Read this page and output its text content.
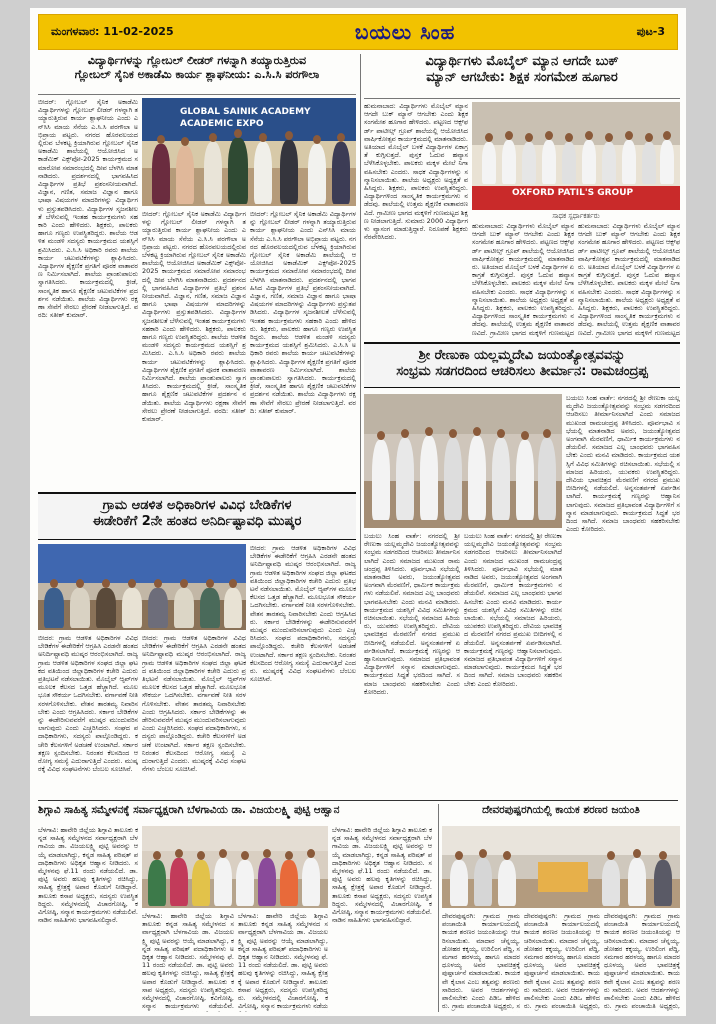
ಮಂಗಳವಾರ: 11-02-2025	ಬಯಲು ಸಿಂಹ	ಪುಟ-3
ವಿದ್ಯಾರ್ಥಿಗಳನ್ನು ಗ್ಲೋಬಲ್ ಲೀಡರ್ ಗಳನ್ನಾಗಿ ತಯ್ಯಾರುತ್ತಿರುವ
ಗ್ಲೋಬಲ್ ಸೈನಿಕ ಅಕಾಡೆಮಿ ಕಾರ್ಯ ಶ್ಲಾಘನೀಯ: ಎ.ಸಿ.ಸಿ ಪರಗೌಲಾ
GLOBAL SAINIK ACADEMY ACADEMIC EXPO
ಬೀದರ್: ಗ್ಲೋಬಲ್ ಸೈನಿಕ ಅಕಾಡೆಮಿ ವಿದ್ಯಾರ್ಥಿಗಳನ್ನು ಗ್ಲೋಬಲ್ ಲೀಡರ್ ಗಳನ್ನಾಗಿ ತಯ್ಯಾರುತ್ತಿರುವ ಕಾರ್ಯ ಶ್ಲಾಘನೀಯ ಎಂದು ಎನ್‌ಸಿಸಿ ಮಾಯ ಸೆನೆಯ ಎ.ಸಿ.ಸಿ ಪರಗೌಲಾ ಅಭಿಪ್ರಾಯ ಪಟ್ಟರು. ನಗರದ ಹೊರವಲಯದಲ್ಲಿರುವ ಬೆಳಕಟ್ಟ ಕ್ರಿಯಾಗಿರುವ ಗ್ಲೋಬಲ್ ಸೈನಿಕ ಅಕಾಡೆಮಿ ಶಾಲೆಯಲ್ಲಿ ಆಯೋಜಿಸಿದ ಅಕಾಡೆಮಿಕ್ ಎಕ್ಸ್‌ಪೋ-2025 ಕಾರ್ಯಕ್ರಮದ ಸಮಾರೋಪ ಸಮಾರಂಭದಲ್ಲಿ ದೀಪ ಬೆಳಗಿಸಿ ಮಾತನಾಡಿದರು. ಪ್ರದರ್ಶನದಲ್ಲಿ ಭಾಗವಹಿಸಿದ ವಿದ್ಯಾರ್ಥಿಗಳ ಪ್ರತಿಭೆ ಪ್ರಶಂಸನೀಯವಾಗಿದೆ. ವಿಜ್ಞಾನ, ಗಣಿತ, ಸಮಾಜ ವಿಜ್ಞಾನ ಹಾಗೂ ಭಾಷಾ ವಿಷಯಗಳ ಮಾದರಿಗಳನ್ನು ವಿದ್ಯಾರ್ಥಿಗಳು ಪ್ರಸ್ತುತಪಡಿಸಿದರು. ವಿದ್ಯಾರ್ಥಿಗಳ ಸೃಜನಶೀಲತೆ ಬೆಳೆಸುವಲ್ಲಿ ಇಂತಹ ಕಾರ್ಯಕ್ರಮಗಳು ಸಹಕಾರಿ ಎಂದು ಹೇಳಿದರು. ಶಿಕ್ಷಕರು, ಪಾಲಕರು ಹಾಗೂ ಗಣ್ಯರು ಉಪಸ್ಥಿತರಿದ್ದರು. ಶಾಲೆಯ ಆಡಳಿತ ಮಂಡಳಿ ಸದಸ್ಯರು ಕಾರ್ಯಕ್ರಮದ ಯಶಸ್ಸಿಗೆ ಶ್ರಮಿಸಿದರು. ಎ.ಸಿ.ಸಿ ಅಧಿಕಾರಿ ರವರು ಶಾಲೆಯ ಕಾರ್ಯ ಚಟುವಟಿಕೆಗಳನ್ನು ಶ್ಲಾಘಿಸಿದರು. ವಿದ್ಯಾರ್ಥಿಗಳ ಶೈಕ್ಷಣಿಕ ಪ್ರಗತಿಗೆ ಪೂರಕ ವಾತಾವರಣ ನಿರ್ಮಿಸಲಾಗಿದೆ. ಶಾಲೆಯ ಪ್ರಾಂಶುಪಾಲರು ಸ್ವಾಗತಿಸಿದರು. ಕಾರ್ಯಕ್ರಮದಲ್ಲಿ ಕ್ರೀಡೆ, ಸಾಂಸ್ಕೃತಿಕ ಹಾಗೂ ಶೈಕ್ಷಣಿಕ ಚಟುವಟಿಕೆಗಳ ಪ್ರದರ್ಶನ ನಡೆಯಿತು. ಶಾಲೆಯ ವಿದ್ಯಾರ್ಥಿಗಳು ರಕ್ಷಣಾ ಸೇವೆಗೆ ಸೇರಲು ಪ್ರೇರಣೆ ನೀಡಲಾಗುತ್ತಿದೆ. ವರದಿ: ಸತೀಶ್ ಕುಮಾರ್.
ಬೀದರ್: ಗ್ಲೋಬಲ್ ಸೈನಿಕ ಅಕಾಡೆಮಿ ವಿದ್ಯಾರ್ಥಿಗಳನ್ನು ಗ್ಲೋಬಲ್ ಲೀಡರ್ ಗಳನ್ನಾಗಿ ತಯ್ಯಾರುತ್ತಿರುವ ಕಾರ್ಯ ಶ್ಲಾಘನೀಯ ಎಂದು ಎನ್‌ಸಿಸಿ ಮಾಯ ಸೆನೆಯ ಎ.ಸಿ.ಸಿ ಪರಗೌಲಾ ಅಭಿಪ್ರಾಯ ಪಟ್ಟರು. ನಗರದ ಹೊರವಲಯದಲ್ಲಿರುವ ಬೆಳಕಟ್ಟ ಕ್ರಿಯಾಗಿರುವ ಗ್ಲೋಬಲ್ ಸೈನಿಕ ಅಕಾಡೆಮಿ ಶಾಲೆಯಲ್ಲಿ ಆಯೋಜಿಸಿದ ಅಕಾಡೆಮಿಕ್ ಎಕ್ಸ್‌ಪೋ-2025 ಕಾರ್ಯಕ್ರಮದ ಸಮಾರೋಪ ಸಮಾರಂಭದಲ್ಲಿ ದೀಪ ಬೆಳಗಿಸಿ ಮಾತನಾಡಿದರು. ಪ್ರದರ್ಶನದಲ್ಲಿ ಭಾಗವಹಿಸಿದ ವಿದ್ಯಾರ್ಥಿಗಳ ಪ್ರತಿಭೆ ಪ್ರಶಂಸನೀಯವಾಗಿದೆ. ವಿಜ್ಞಾನ, ಗಣಿತ, ಸಮಾಜ ವಿಜ್ಞಾನ ಹಾಗೂ ಭಾಷಾ ವಿಷಯಗಳ ಮಾದರಿಗಳನ್ನು ವಿದ್ಯಾರ್ಥಿಗಳು ಪ್ರಸ್ತುತಪಡಿಸಿದರು. ವಿದ್ಯಾರ್ಥಿಗಳ ಸೃಜನಶೀಲತೆ ಬೆಳೆಸುವಲ್ಲಿ ಇಂತಹ ಕಾರ್ಯಕ್ರಮಗಳು ಸಹಕಾರಿ ಎಂದು ಹೇಳಿದರು. ಶಿಕ್ಷಕರು, ಪಾಲಕರು ಹಾಗೂ ಗಣ್ಯರು ಉಪಸ್ಥಿತರಿದ್ದರು. ಶಾಲೆಯ ಆಡಳಿತ ಮಂಡಳಿ ಸದಸ್ಯರು ಕಾರ್ಯಕ್ರಮದ ಯಶಸ್ಸಿಗೆ ಶ್ರಮಿಸಿದರು. ಎ.ಸಿ.ಸಿ ಅಧಿಕಾರಿ ರವರು ಶಾಲೆಯ ಕಾರ್ಯ ಚಟುವಟಿಕೆಗಳನ್ನು ಶ್ಲಾಘಿಸಿದರು. ವಿದ್ಯಾರ್ಥಿಗಳ ಶೈಕ್ಷಣಿಕ ಪ್ರಗತಿಗೆ ಪೂರಕ ವಾತಾವರಣ ನಿರ್ಮಿಸಲಾಗಿದೆ. ಶಾಲೆಯ ಪ್ರಾಂಶುಪಾಲರು ಸ್ವಾಗತಿಸಿದರು. ಕಾರ್ಯಕ್ರಮದಲ್ಲಿ ಕ್ರೀಡೆ, ಸಾಂಸ್ಕೃತಿಕ ಹಾಗೂ ಶೈಕ್ಷಣಿಕ ಚಟುವಟಿಕೆಗಳ ಪ್ರದರ್ಶನ ನಡೆಯಿತು. ಶಾಲೆಯ ವಿದ್ಯಾರ್ಥಿಗಳು ರಕ್ಷಣಾ ಸೇವೆಗೆ ಸೇರಲು ಪ್ರೇರಣೆ ನೀಡಲಾಗುತ್ತಿದೆ. ವರದಿ: ಸತೀಶ್ ಕುಮಾರ್.
ಬೀದರ್: ಗ್ಲೋಬಲ್ ಸೈನಿಕ ಅಕಾಡೆಮಿ ವಿದ್ಯಾರ್ಥಿಗಳನ್ನು ಗ್ಲೋಬಲ್ ಲೀಡರ್ ಗಳನ್ನಾಗಿ ತಯ್ಯಾರುತ್ತಿರುವ ಕಾರ್ಯ ಶ್ಲಾಘನೀಯ ಎಂದು ಎನ್‌ಸಿಸಿ ಮಾಯ ಸೆನೆಯ ಎ.ಸಿ.ಸಿ ಪರಗೌಲಾ ಅಭಿಪ್ರಾಯ ಪಟ್ಟರು. ನಗರದ ಹೊರವಲಯದಲ್ಲಿರುವ ಬೆಳಕಟ್ಟ ಕ್ರಿಯಾಗಿರುವ ಗ್ಲೋಬಲ್ ಸೈನಿಕ ಅಕಾಡೆಮಿ ಶಾಲೆಯಲ್ಲಿ ಆಯೋಜಿಸಿದ ಅಕಾಡೆಮಿಕ್ ಎಕ್ಸ್‌ಪೋ-2025 ಕಾರ್ಯಕ್ರಮದ ಸಮಾರೋಪ ಸಮಾರಂಭದಲ್ಲಿ ದೀಪ ಬೆಳಗಿಸಿ ಮಾತನಾಡಿದರು. ಪ್ರದರ್ಶನದಲ್ಲಿ ಭಾಗವಹಿಸಿದ ವಿದ್ಯಾರ್ಥಿಗಳ ಪ್ರತಿಭೆ ಪ್ರಶಂಸನೀಯವಾಗಿದೆ. ವಿಜ್ಞಾನ, ಗಣಿತ, ಸಮಾಜ ವಿಜ್ಞಾನ ಹಾಗೂ ಭಾಷಾ ವಿಷಯಗಳ ಮಾದರಿಗಳನ್ನು ವಿದ್ಯಾರ್ಥಿಗಳು ಪ್ರಸ್ತುತಪಡಿಸಿದರು. ವಿದ್ಯಾರ್ಥಿಗಳ ಸೃಜನಶೀಲತೆ ಬೆಳೆಸುವಲ್ಲಿ ಇಂತಹ ಕಾರ್ಯಕ್ರಮಗಳು ಸಹಕಾರಿ ಎಂದು ಹೇಳಿದರು. ಶಿಕ್ಷಕರು, ಪಾಲಕರು ಹಾಗೂ ಗಣ್ಯರು ಉಪಸ್ಥಿತರಿದ್ದರು. ಶಾಲೆಯ ಆಡಳಿತ ಮಂಡಳಿ ಸದಸ್ಯರು ಕಾರ್ಯಕ್ರಮದ ಯಶಸ್ಸಿಗೆ ಶ್ರಮಿಸಿದರು. ಎ.ಸಿ.ಸಿ ಅಧಿಕಾರಿ ರವರು ಶಾಲೆಯ ಕಾರ್ಯ ಚಟುವಟಿಕೆಗಳನ್ನು ಶ್ಲಾಘಿಸಿದರು. ವಿದ್ಯಾರ್ಥಿಗಳ ಶೈಕ್ಷಣಿಕ ಪ್ರಗತಿಗೆ ಪೂರಕ ವಾತಾವರಣ ನಿರ್ಮಿಸಲಾಗಿದೆ. ಶಾಲೆಯ ಪ್ರಾಂಶುಪಾಲರು ಸ್ವಾಗತಿಸಿದರು. ಕಾರ್ಯಕ್ರಮದಲ್ಲಿ ಕ್ರೀಡೆ, ಸಾಂಸ್ಕೃತಿಕ ಹಾಗೂ ಶೈಕ್ಷಣಿಕ ಚಟುವಟಿಕೆಗಳ ಪ್ರದರ್ಶನ ನಡೆಯಿತು. ಶಾಲೆಯ ವಿದ್ಯಾರ್ಥಿಗಳು ರಕ್ಷಣಾ ಸೇವೆಗೆ ಸೇರಲು ಪ್ರೇರಣೆ ನೀಡಲಾಗುತ್ತಿದೆ. ವರದಿ: ಸತೀಶ್ ಕುಮಾರ್.
ವಿದ್ಯಾರ್ಥಿಗಳು ಮೊಬೈಲ್ ಮ್ಯಾನ ಆಗದೇ ಬುಕ್
ಮ್ಯಾನ್ ಆಗಬೇಕು: ಶಿಕ್ಷಕ ಸಂಗಮೇಶ ಹೂಗಾರ
OXFORD PATIL'S GROUP
ಸಾಧಕ ಸ್ಪರ್ಧಾಕರ್ತರು
ಹುಮನಾಬಾದ: ವಿದ್ಯಾರ್ಥಿಗಳು ಮೊಬೈಲ್ ಮ್ಯಾನ ಆಗದೇ ಬುಕ್ ಮ್ಯಾನ್ ಆಗಬೇಕು ಎಂದು ಶಿಕ್ಷಕ ಸಂಗಮೇಶ ಹೂಗಾರ ಹೇಳಿದರು. ಪಟ್ಟಣದ ಆಕ್ಸ್‌ಫರ್ಡ್ ಪಾಟೀಲ್ಸ್ ಗ್ರೂಪ್ ಶಾಲೆಯಲ್ಲಿ ಆಯೋಜಿಸಿದ ವಾರ್ಷಿಕೋತ್ಸವ ಕಾರ್ಯಕ್ರಮದಲ್ಲಿ ಮಾತನಾಡಿದರು. ಅತಿಯಾದ ಮೊಬೈಲ್ ಬಳಕೆ ವಿದ್ಯಾರ್ಥಿಗಳ ಏಕಾಗ್ರತೆ ಕುಗ್ಗಿಸುತ್ತದೆ. ಪುಸ್ತಕ ಓದುವ ಹವ್ಯಾಸ ಬೆಳೆಸಿಕೊಳ್ಳಬೇಕು. ಪಾಲಕರು ಮಕ್ಕಳ ಮೇಲೆ ನಿಗಾ ವಹಿಸಬೇಕು ಎಂದರು. ಸಾಧಕ ವಿದ್ಯಾರ್ಥಿಗಳನ್ನು ಸನ್ಮಾನಿಸಲಾಯಿತು. ಶಾಲೆಯ ಅಧ್ಯಕ್ಷರು ಅಧ್ಯಕ್ಷತೆ ವಹಿಸಿದ್ದರು. ಶಿಕ್ಷಕರು, ಪಾಲಕರು ಉಪಸ್ಥಿತರಿದ್ದರು. ವಿದ್ಯಾರ್ಥಿಗಳಿಂದ ಸಾಂಸ್ಕೃತಿಕ ಕಾರ್ಯಕ್ರಮಗಳು ನಡೆದವು. ಶಾಲೆಯಲ್ಲಿ ಉತ್ತಮ ಶೈಕ್ಷಣಿಕ ವಾತಾವರಣವಿದೆ. ಗ್ರಾಮೀಣ ಭಾಗದ ಮಕ್ಕಳಿಗೆ ಗುಣಮಟ್ಟದ ಶಿಕ್ಷಣ ನೀಡಲಾಗುತ್ತಿದೆ. ಸುಮಾರು 2000 ವಿದ್ಯಾರ್ಥಿಗಳು ವ್ಯಾಸಂಗ ಮಾಡುತ್ತಿದ್ದಾರೆ. ನಿರೂಪಣೆ ಶಿಕ್ಷಕರು ನೆರವೇರಿಸಿದರು.
ಹುಮನಾಬಾದ: ವಿದ್ಯಾರ್ಥಿಗಳು ಮೊಬೈಲ್ ಮ್ಯಾನ ಆಗದೇ ಬುಕ್ ಮ್ಯಾನ್ ಆಗಬೇಕು ಎಂದು ಶಿಕ್ಷಕ ಸಂಗಮೇಶ ಹೂಗಾರ ಹೇಳಿದರು. ಪಟ್ಟಣದ ಆಕ್ಸ್‌ಫರ್ಡ್ ಪಾಟೀಲ್ಸ್ ಗ್ರೂಪ್ ಶಾಲೆಯಲ್ಲಿ ಆಯೋಜಿಸಿದ ವಾರ್ಷಿಕೋತ್ಸವ ಕಾರ್ಯಕ್ರಮದಲ್ಲಿ ಮಾತನಾಡಿದರು. ಅತಿಯಾದ ಮೊಬೈಲ್ ಬಳಕೆ ವಿದ್ಯಾರ್ಥಿಗಳ ಏಕಾಗ್ರತೆ ಕುಗ್ಗಿಸುತ್ತದೆ. ಪುಸ್ತಕ ಓದುವ ಹವ್ಯಾಸ ಬೆಳೆಸಿಕೊಳ್ಳಬೇಕು. ಪಾಲಕರು ಮಕ್ಕಳ ಮೇಲೆ ನಿಗಾ ವಹಿಸಬೇಕು ಎಂದರು. ಸಾಧಕ ವಿದ್ಯಾರ್ಥಿಗಳನ್ನು ಸನ್ಮಾನಿಸಲಾಯಿತು. ಶಾಲೆಯ ಅಧ್ಯಕ್ಷರು ಅಧ್ಯಕ್ಷತೆ ವಹಿಸಿದ್ದರು. ಶಿಕ್ಷಕರು, ಪಾಲಕರು ಉಪಸ್ಥಿತರಿದ್ದರು. ವಿದ್ಯಾರ್ಥಿಗಳಿಂದ ಸಾಂಸ್ಕೃತಿಕ ಕಾರ್ಯಕ್ರಮಗಳು ನಡೆದವು. ಶಾಲೆಯಲ್ಲಿ ಉತ್ತಮ ಶೈಕ್ಷಣಿಕ ವಾತಾವರಣವಿದೆ. ಗ್ರಾಮೀಣ ಭಾಗದ ಮಕ್ಕಳಿಗೆ ಗುಣಮಟ್ಟದ
ಹುಮನಾಬಾದ: ವಿದ್ಯಾರ್ಥಿಗಳು ಮೊಬೈಲ್ ಮ್ಯಾನ ಆಗದೇ ಬುಕ್ ಮ್ಯಾನ್ ಆಗಬೇಕು ಎಂದು ಶಿಕ್ಷಕ ಸಂಗಮೇಶ ಹೂಗಾರ ಹೇಳಿದರು. ಪಟ್ಟಣದ ಆಕ್ಸ್‌ಫರ್ಡ್ ಪಾಟೀಲ್ಸ್ ಗ್ರೂಪ್ ಶಾಲೆಯಲ್ಲಿ ಆಯೋಜಿಸಿದ ವಾರ್ಷಿಕೋತ್ಸವ ಕಾರ್ಯಕ್ರಮದಲ್ಲಿ ಮಾತನಾಡಿದರು. ಅತಿಯಾದ ಮೊಬೈಲ್ ಬಳಕೆ ವಿದ್ಯಾರ್ಥಿಗಳ ಏಕಾಗ್ರತೆ ಕುಗ್ಗಿಸುತ್ತದೆ. ಪುಸ್ತಕ ಓದುವ ಹವ್ಯಾಸ ಬೆಳೆಸಿಕೊಳ್ಳಬೇಕು. ಪಾಲಕರು ಮಕ್ಕಳ ಮೇಲೆ ನಿಗಾ ವಹಿಸಬೇಕು ಎಂದರು. ಸಾಧಕ ವಿದ್ಯಾರ್ಥಿಗಳನ್ನು ಸನ್ಮಾನಿಸಲಾಯಿತು. ಶಾಲೆಯ ಅಧ್ಯಕ್ಷರು ಅಧ್ಯಕ್ಷತೆ ವಹಿಸಿದ್ದರು. ಶಿಕ್ಷಕರು, ಪಾಲಕರು ಉಪಸ್ಥಿತರಿದ್ದರು. ವಿದ್ಯಾರ್ಥಿಗಳಿಂದ ಸಾಂಸ್ಕೃತಿಕ ಕಾರ್ಯಕ್ರಮಗಳು ನಡೆದವು. ಶಾಲೆಯಲ್ಲಿ ಉತ್ತಮ ಶೈಕ್ಷಣಿಕ ವಾತಾವರಣವಿದೆ. ಗ್ರಾಮೀಣ ಭಾಗದ ಮಕ್ಕಳಿಗೆ ಗುಣಮಟ್ಟದ
ಶ್ರೀ ರೇಣುಕಾ ಯಲ್ಲಮ್ಮದೇವಿ ಜಯಂತ್ಯೋತ್ಸವವನ್ನು
ಸಂಭ್ರಮ ಸಡಗರದಿಂದ ಆಚರಿಸಲು ತೀರ್ಮಾನ: ರಾಮಚಂದ್ರಪ್ಪ
ಬಯಲು ಸಿಂಹ ವಾರ್ತೆ: ನಗರದಲ್ಲಿ ಶ್ರೀ ರೇಣುಕಾ ಯಲ್ಲಮ್ಮದೇವಿ ಜಯಂತ್ಯೋತ್ಸವವನ್ನು ಸಂಭ್ರಮ ಸಡಗರದಿಂದ ಆಚರಿಸಲು ತೀರ್ಮಾನಿಸಲಾಗಿದೆ ಎಂದು ಸಮಾಜದ ಮುಖಂಡ ರಾಮಚಂದ್ರಪ್ಪ ತಿಳಿಸಿದರು. ಪೂರ್ವಭಾವಿ ಸಭೆಯಲ್ಲಿ ಮಾತನಾಡಿದ ಅವರು, ಜಯಂತ್ಯೋತ್ಸವದ ಅಂಗವಾಗಿ ಮೆರವಣಿಗೆ, ಧಾರ್ಮಿಕ ಕಾರ್ಯಕ್ರಮಗಳು ನಡೆಯಲಿವೆ. ಸಮಾಜದ ಎಲ್ಲ ಬಾಂಧವರು ಭಾಗವಹಿಸಬೇಕು ಎಂದು ಮನವಿ ಮಾಡಿದರು. ಕಾರ್ಯಕ್ರಮದ ಯಶಸ್ಸಿಗೆ ವಿವಿಧ ಸಮಿತಿಗಳನ್ನು ರಚಿಸಲಾಯಿತು. ಸಭೆಯಲ್ಲಿ ಸಮಾಜದ ಹಿರಿಯರು, ಯುವಕರು ಉಪಸ್ಥಿತರಿದ್ದರು. ದೇವಿಯ ಭಾವಚಿತ್ರದ ಮೆರವಣಿಗೆ ನಗರದ ಪ್ರಮುಖ ಬೀದಿಗಳಲ್ಲಿ ನಡೆಯಲಿದೆ. ಅನ್ನಸಂತರ್ಪಣೆ ಏರ್ಪಡಿಸಲಾಗಿದೆ. ಕಾರ್ಯಕ್ರಮಕ್ಕೆ ಗಣ್ಯರನ್ನು ಆಹ್ವಾನಿಸಲಾಗುವುದು. ಸಮಾಜದ ಪ್ರತಿಭಾವಂತ ವಿದ್ಯಾರ್ಥಿಗಳಿಗೆ ಸನ್ಮಾನ ಮಾಡಲಾಗುವುದು. ಕಾರ್ಯಕ್ರಮದ ಸಿದ್ಧತೆ ಭರದಿಂದ ಸಾಗಿದೆ. ಸಮಾಜ ಬಾಂಧವರು ಸಹಕರಿಸಬೇಕು ಎಂದು ಕೋರಿದರು.
ಬಯಲು ಸಿಂಹ ವಾರ್ತೆ: ನಗರದಲ್ಲಿ ಶ್ರೀ ರೇಣುಕಾ ಯಲ್ಲಮ್ಮದೇವಿ ಜಯಂತ್ಯೋತ್ಸವವನ್ನು ಸಂಭ್ರಮ ಸಡಗರದಿಂದ ಆಚರಿಸಲು ತೀರ್ಮಾನಿಸಲಾಗಿದೆ ಎಂದು ಸಮಾಜದ ಮುಖಂಡ ರಾಮಚಂದ್ರಪ್ಪ ತಿಳಿಸಿದರು. ಪೂರ್ವಭಾವಿ ಸಭೆಯಲ್ಲಿ ಮಾತನಾಡಿದ ಅವರು, ಜಯಂತ್ಯೋತ್ಸವದ ಅಂಗವಾಗಿ ಮೆರವಣಿಗೆ, ಧಾರ್ಮಿಕ ಕಾರ್ಯಕ್ರಮಗಳು ನಡೆಯಲಿವೆ. ಸಮಾಜದ ಎಲ್ಲ ಬಾಂಧವರು ಭಾಗವಹಿಸಬೇಕು ಎಂದು ಮನವಿ ಮಾಡಿದರು. ಕಾರ್ಯಕ್ರಮದ ಯಶಸ್ಸಿಗೆ ವಿವಿಧ ಸಮಿತಿಗಳನ್ನು ರಚಿಸಲಾಯಿತು. ಸಭೆಯಲ್ಲಿ ಸಮಾಜದ ಹಿರಿಯರು, ಯುವಕರು ಉಪಸ್ಥಿತರಿದ್ದರು. ದೇವಿಯ ಭಾವಚಿತ್ರದ ಮೆರವಣಿಗೆ ನಗರದ ಪ್ರಮುಖ ಬೀದಿಗಳಲ್ಲಿ ನಡೆಯಲಿದೆ. ಅನ್ನಸಂತರ್ಪಣೆ ಏರ್ಪಡಿಸಲಾಗಿದೆ. ಕಾರ್ಯಕ್ರಮಕ್ಕೆ ಗಣ್ಯರನ್ನು ಆಹ್ವಾನಿಸಲಾಗುವುದು. ಸಮಾಜದ ಪ್ರತಿಭಾವಂತ ವಿದ್ಯಾರ್ಥಿಗಳಿಗೆ ಸನ್ಮಾನ ಮಾಡಲಾಗುವುದು. ಕಾರ್ಯಕ್ರಮದ ಸಿದ್ಧತೆ ಭರದಿಂದ ಸಾಗಿದೆ. ಸಮಾಜ ಬಾಂಧವರು ಸಹಕರಿಸಬೇಕು ಎಂದು ಕೋರಿದರು.
ಬಯಲು ಸಿಂಹ ವಾರ್ತೆ: ನಗರದಲ್ಲಿ ಶ್ರೀ ರೇಣುಕಾ ಯಲ್ಲಮ್ಮದೇವಿ ಜಯಂತ್ಯೋತ್ಸವವನ್ನು ಸಂಭ್ರಮ ಸಡಗರದಿಂದ ಆಚರಿಸಲು ತೀರ್ಮಾನಿಸಲಾಗಿದೆ ಎಂದು ಸಮಾಜದ ಮುಖಂಡ ರಾಮಚಂದ್ರಪ್ಪ ತಿಳಿಸಿದರು. ಪೂರ್ವಭಾವಿ ಸಭೆಯಲ್ಲಿ ಮಾತನಾಡಿದ ಅವರು, ಜಯಂತ್ಯೋತ್ಸವದ ಅಂಗವಾಗಿ ಮೆರವಣಿಗೆ, ಧಾರ್ಮಿಕ ಕಾರ್ಯಕ್ರಮಗಳು ನಡೆಯಲಿವೆ. ಸಮಾಜದ ಎಲ್ಲ ಬಾಂಧವರು ಭಾಗವಹಿಸಬೇಕು ಎಂದು ಮನವಿ ಮಾಡಿದರು. ಕಾರ್ಯಕ್ರಮದ ಯಶಸ್ಸಿಗೆ ವಿವಿಧ ಸಮಿತಿಗಳನ್ನು ರಚಿಸಲಾಯಿತು. ಸಭೆಯಲ್ಲಿ ಸಮಾಜದ ಹಿರಿಯರು, ಯುವಕರು ಉಪಸ್ಥಿತರಿದ್ದರು. ದೇವಿಯ ಭಾವಚಿತ್ರದ ಮೆರವಣಿಗೆ ನಗರದ ಪ್ರಮುಖ ಬೀದಿಗಳಲ್ಲಿ ನಡೆಯಲಿದೆ. ಅನ್ನಸಂತರ್ಪಣೆ ಏರ್ಪಡಿಸಲಾಗಿದೆ. ಕಾರ್ಯಕ್ರಮಕ್ಕೆ ಗಣ್ಯರನ್ನು ಆಹ್ವಾನಿಸಲಾಗುವುದು. ಸಮಾಜದ ಪ್ರತಿಭಾವಂತ ವಿದ್ಯಾರ್ಥಿಗಳಿಗೆ ಸನ್ಮಾನ ಮಾಡಲಾಗುವುದು. ಕಾರ್ಯಕ್ರಮದ ಸಿದ್ಧತೆ ಭರದಿಂದ ಸಾಗಿದೆ. ಸಮಾಜ ಬಾಂಧವರು ಸಹಕರಿಸಬೇಕು ಎಂದು ಕೋರಿದರು.
ಗ್ರಾಮ ಆಡಳಿತ ಅಧಿಕಾರಿಗಳ ವಿವಿಧ ಬೇಡಿಕೆಗಳ
ಈಡೇರಿಕೆಗೆ 2ನೇ ಹಂತದ ಅನಿರ್ದಿಷ್ಟಾವಧಿ ಮುಷ್ಕರ
ಬೀದರ: ಗ್ರಾಮ ಆಡಳಿತ ಅಧಿಕಾರಿಗಳ ವಿವಿಧ ಬೇಡಿಕೆಗಳ ಈಡೇರಿಕೆಗೆ ಆಗ್ರಹಿಸಿ ಎರಡನೇ ಹಂತದ ಅನಿರ್ದಿಷ್ಟಾವಧಿ ಮುಷ್ಕರ ಆರಂಭಿಸಲಾಗಿದೆ. ರಾಜ್ಯ ಗ್ರಾಮ ಆಡಳಿತ ಅಧಿಕಾರಿಗಳ ಸಂಘದ ಜಿಲ್ಲಾ ಘಟಕದ ವತಿಯಿಂದ ಜಿಲ್ಲಾಧಿಕಾರಿಗಳ ಕಚೇರಿ ಎದುರು ಪ್ರತಿಭಟನೆ ನಡೆಸಲಾಯಿತು. ಮೊಬೈಲ್ ಆ್ಯಪ್‌ಗಳ ಮೂಲಕ ಕೆಲಸದ ಒತ್ತಡ ಹೆಚ್ಚಾಗಿದೆ. ಮೂಲಭೂತ ಸೌಕರ್ಯ ಒದಗಿಸಬೇಕು. ವರ್ಗಾವಣೆ ನೀತಿ ಸರಳಗೊಳಿಸಬೇಕು. ವೇತನ ತಾರತಮ್ಯ ನಿವಾರಿಸಬೇಕು ಎಂದು ಆಗ್ರಹಿಸಿದರು. ಸರ್ಕಾರ ಬೇಡಿಕೆಗಳನ್ನು ಈಡೇರಿಸುವವರೆಗೆ ಮುಷ್ಕರ ಮುಂದುವರಿಸಲಾಗುವುದು ಎಂದು ಎಚ್ಚರಿಸಿದರು. ಸಂಘದ ಪದಾಧಿಕಾರಿಗಳು, ಸದಸ್ಯರು ಪಾಲ್ಗೊಂಡಿದ್ದರು. ಕಚೇರಿ ಕೆಲಸಗಳಿಗೆ ಅಡಚಣೆ ಉಂಟಾಗಿದೆ. ಸರ್ಕಾರ ತಕ್ಷಣ ಸ್ಪಂದಿಸಬೇಕು. ನಿರಂತರ ಕೆಲಸದಿಂದ ಆರೋಗ್ಯ ಸಮಸ್ಯೆ ಎದುರಾಗುತ್ತಿದೆ ಎಂದರು. ಮುಷ್ಕರಕ್ಕೆ ವಿವಿಧ ಸಂಘಟನೆಗಳು ಬೆಂಬಲ ಸೂಚಿಸಿವೆ.
ಬೀದರ: ಗ್ರಾಮ ಆಡಳಿತ ಅಧಿಕಾರಿಗಳ ವಿವಿಧ ಬೇಡಿಕೆಗಳ ಈಡೇರಿಕೆಗೆ ಆಗ್ರಹಿಸಿ ಎರಡನೇ ಹಂತದ ಅನಿರ್ದಿಷ್ಟಾವಧಿ ಮುಷ್ಕರ ಆರಂಭಿಸಲಾಗಿದೆ. ರಾಜ್ಯ ಗ್ರಾಮ ಆಡಳಿತ ಅಧಿಕಾರಿಗಳ ಸಂಘದ ಜಿಲ್ಲಾ ಘಟಕದ ವತಿಯಿಂದ ಜಿಲ್ಲಾಧಿಕಾರಿಗಳ ಕಚೇರಿ ಎದುರು ಪ್ರತಿಭಟನೆ ನಡೆಸಲಾಯಿತು. ಮೊಬೈಲ್ ಆ್ಯಪ್‌ಗಳ ಮೂಲಕ ಕೆಲಸದ ಒತ್ತಡ ಹೆಚ್ಚಾಗಿದೆ. ಮೂಲಭೂತ ಸೌಕರ್ಯ ಒದಗಿಸಬೇಕು. ವರ್ಗಾವಣೆ ನೀತಿ ಸರಳಗೊಳಿಸಬೇಕು. ವೇತನ ತಾರತಮ್ಯ ನಿವಾರಿಸಬೇಕು ಎಂದು ಆಗ್ರಹಿಸಿದರು. ಸರ್ಕಾರ ಬೇಡಿಕೆಗಳನ್ನು ಈಡೇರಿಸುವವರೆಗೆ ಮುಷ್ಕರ ಮುಂದುವರಿಸಲಾಗುವುದು ಎಂದು ಎಚ್ಚರಿಸಿದರು. ಸಂಘದ ಪದಾಧಿಕಾರಿಗಳು, ಸದಸ್ಯರು ಪಾಲ್ಗೊಂಡಿದ್ದರು. ಕಚೇರಿ ಕೆಲಸಗಳಿಗೆ ಅಡಚಣೆ ಉಂಟಾಗಿದೆ. ಸರ್ಕಾರ ತಕ್ಷಣ ಸ್ಪಂದಿಸಬೇಕು. ನಿರಂತರ ಕೆಲಸದಿಂದ ಆರೋಗ್ಯ ಸಮಸ್ಯೆ ಎದುರಾಗುತ್ತಿದೆ ಎಂದರು. ಮುಷ್ಕರಕ್ಕೆ ವಿವಿಧ ಸಂಘಟನೆಗಳು ಬೆಂಬಲ ಸೂಚಿಸಿವೆ.
ಬೀದರ: ಗ್ರಾಮ ಆಡಳಿತ ಅಧಿಕಾರಿಗಳ ವಿವಿಧ ಬೇಡಿಕೆಗಳ ಈಡೇರಿಕೆಗೆ ಆಗ್ರಹಿಸಿ ಎರಡನೇ ಹಂತದ ಅನಿರ್ದಿಷ್ಟಾವಧಿ ಮುಷ್ಕರ ಆರಂಭಿಸಲಾಗಿದೆ. ರಾಜ್ಯ ಗ್ರಾಮ ಆಡಳಿತ ಅಧಿಕಾರಿಗಳ ಸಂಘದ ಜಿಲ್ಲಾ ಘಟಕದ ವತಿಯಿಂದ ಜಿಲ್ಲಾಧಿಕಾರಿಗಳ ಕಚೇರಿ ಎದುರು ಪ್ರತಿಭಟನೆ ನಡೆಸಲಾಯಿತು. ಮೊಬೈಲ್ ಆ್ಯಪ್‌ಗಳ ಮೂಲಕ ಕೆಲಸದ ಒತ್ತಡ ಹೆಚ್ಚಾಗಿದೆ. ಮೂಲಭೂತ ಸೌಕರ್ಯ ಒದಗಿಸಬೇಕು. ವರ್ಗಾವಣೆ ನೀತಿ ಸರಳಗೊಳಿಸಬೇಕು. ವೇತನ ತಾರತಮ್ಯ ನಿವಾರಿಸಬೇಕು ಎಂದು ಆಗ್ರಹಿಸಿದರು. ಸರ್ಕಾರ ಬೇಡಿಕೆಗಳನ್ನು ಈಡೇರಿಸುವವರೆಗೆ ಮುಷ್ಕರ ಮುಂದುವರಿಸಲಾಗುವುದು ಎಂದು ಎಚ್ಚರಿಸಿದರು. ಸಂಘದ ಪದಾಧಿಕಾರಿಗಳು, ಸದಸ್ಯರು ಪಾಲ್ಗೊಂಡಿದ್ದರು. ಕಚೇರಿ ಕೆಲಸಗಳಿಗೆ ಅಡಚಣೆ ಉಂಟಾಗಿದೆ. ಸರ್ಕಾರ ತಕ್ಷಣ ಸ್ಪಂದಿಸಬೇಕು. ನಿರಂತರ ಕೆಲಸದಿಂದ ಆರೋಗ್ಯ ಸಮಸ್ಯೆ ಎದುರಾಗುತ್ತಿದೆ ಎಂದರು. ಮುಷ್ಕರಕ್ಕೆ ವಿವಿಧ ಸಂಘಟನೆಗಳು ಬೆಂಬಲ ಸೂಚಿಸಿವೆ.
ಶಿಗ್ಗಾವಿ ಸಾಹಿತ್ಯ ಸಮ್ಮೇಳನಕ್ಕೆ ಸರ್ವಾಧ್ಯಕ್ಷರಾಗಿ ಬೆಳಗಾವಿಯ ಡಾ. ವಿಜಯಲಕ್ಷ್ಮಿ ಪುಟ್ಟಿ ಆಹ್ವಾನ
ಬೆಳಗಾವಿ: ಹಾವೇರಿ ಜಿಲ್ಲೆಯ ಶಿಗ್ಗಾವಿ ತಾಲೂಕು ಕನ್ನಡ ಸಾಹಿತ್ಯ ಸಮ್ಮೇಳನದ ಸರ್ವಾಧ್ಯಕ್ಷರಾಗಿ ಬೆಳಗಾವಿಯ ಡಾ. ವಿಜಯಲಕ್ಷ್ಮಿ ಪುಟ್ಟಿ ಅವರನ್ನು ಆಯ್ಕೆ ಮಾಡಲಾಗಿದ್ದು, ಕನ್ನಡ ಸಾಹಿತ್ಯ ಪರಿಷತ್ ಪದಾಧಿಕಾರಿಗಳು ಅಧಿಕೃತ ಆಹ್ವಾನ ನೀಡಿದರು. ಸಮ್ಮೇಳನವು ಫೆ.11 ರಂದು ನಡೆಯಲಿದೆ. ಡಾ. ಪುಟ್ಟಿ ಅವರು ಹಲವು ಕೃತಿಗಳನ್ನು ರಚಿಸಿದ್ದು, ಸಾಹಿತ್ಯ ಕ್ಷೇತ್ರಕ್ಕೆ ಅಪಾರ ಕೊಡುಗೆ ನೀಡಿದ್ದಾರೆ. ತಾಲೂಕು ಕಸಾಪ ಅಧ್ಯಕ್ಷರು, ಸದಸ್ಯರು ಉಪಸ್ಥಿತರಿದ್ದರು. ಸಮ್ಮೇಳನದಲ್ಲಿ ವಿಚಾರಗೋಷ್ಠಿ, ಕವಿಗೋಷ್ಠಿ, ಸನ್ಮಾನ ಕಾರ್ಯಕ್ರಮಗಳು ನಡೆಯಲಿವೆ. ನಾಡಿನ ಸಾಹಿತಿಗಳು ಭಾಗವಹಿಸಲಿದ್ದಾರೆ.
ಬೆಳಗಾವಿ: ಹಾವೇರಿ ಜಿಲ್ಲೆಯ ಶಿಗ್ಗಾವಿ ತಾಲೂಕು ಕನ್ನಡ ಸಾಹಿತ್ಯ ಸಮ್ಮೇಳನದ ಸರ್ವಾಧ್ಯಕ್ಷರಾಗಿ ಬೆಳಗಾವಿಯ ಡಾ. ವಿಜಯಲಕ್ಷ್ಮಿ ಪುಟ್ಟಿ ಅವರನ್ನು ಆಯ್ಕೆ ಮಾಡಲಾಗಿದ್ದು, ಕನ್ನಡ ಸಾಹಿತ್ಯ ಪರಿಷತ್ ಪದಾಧಿಕಾರಿಗಳು ಅಧಿಕೃತ ಆಹ್ವಾನ ನೀಡಿದರು. ಸಮ್ಮೇಳನವು ಫೆ.11 ರಂದು ನಡೆಯಲಿದೆ. ಡಾ. ಪುಟ್ಟಿ ಅವರು ಹಲವು ಕೃತಿಗಳನ್ನು ರಚಿಸಿದ್ದು, ಸಾಹಿತ್ಯ ಕ್ಷೇತ್ರಕ್ಕೆ ಅಪಾರ ಕೊಡುಗೆ ನೀಡಿದ್ದಾರೆ. ತಾಲೂಕು ಕಸಾಪ ಅಧ್ಯಕ್ಷರು, ಸದಸ್ಯರು ಉಪಸ್ಥಿತರಿದ್ದರು. ಸಮ್ಮೇಳನದಲ್ಲಿ ವಿಚಾರಗೋಷ್ಠಿ, ಕವಿಗೋಷ್ಠಿ, ಸನ್ಮಾನ ಕಾರ್ಯಕ್ರಮಗಳು ನಡೆಯಲಿವೆ.
ಬೆಳಗಾವಿ: ಹಾವೇರಿ ಜಿಲ್ಲೆಯ ಶಿಗ್ಗಾವಿ ತಾಲೂಕು ಕನ್ನಡ ಸಾಹಿತ್ಯ ಸಮ್ಮೇಳನದ ಸರ್ವಾಧ್ಯಕ್ಷರಾಗಿ ಬೆಳಗಾವಿಯ ಡಾ. ವಿಜಯಲಕ್ಷ್ಮಿ ಪುಟ್ಟಿ ಅವರನ್ನು ಆಯ್ಕೆ ಮಾಡಲಾಗಿದ್ದು, ಕನ್ನಡ ಸಾಹಿತ್ಯ ಪರಿಷತ್ ಪದಾಧಿಕಾರಿಗಳು ಅಧಿಕೃತ ಆಹ್ವಾನ ನೀಡಿದರು. ಸಮ್ಮೇಳನವು ಫೆ.11 ರಂದು ನಡೆಯಲಿದೆ. ಡಾ. ಪುಟ್ಟಿ ಅವರು ಹಲವು ಕೃತಿಗಳನ್ನು ರಚಿಸಿದ್ದು, ಸಾಹಿತ್ಯ ಕ್ಷೇತ್ರಕ್ಕೆ ಅಪಾರ ಕೊಡುಗೆ ನೀಡಿದ್ದಾರೆ. ತಾಲೂಕು ಕಸಾಪ ಅಧ್ಯಕ್ಷರು, ಸದಸ್ಯರು ಉಪಸ್ಥಿತರಿದ್ದರು. ಸಮ್ಮೇಳನದಲ್ಲಿ ವಿಚಾರಗೋಷ್ಠಿ, ಕವಿಗೋಷ್ಠಿ, ಸನ್ಮಾನ ಕಾರ್ಯಕ್ರಮಗಳು ನಡೆಯ
ಬೆಳಗಾವಿ: ಹಾವೇರಿ ಜಿಲ್ಲೆಯ ಶಿಗ್ಗಾವಿ ತಾಲೂಕು ಕನ್ನಡ ಸಾಹಿತ್ಯ ಸಮ್ಮೇಳನದ ಸರ್ವಾಧ್ಯಕ್ಷರಾಗಿ ಬೆಳಗಾವಿಯ ಡಾ. ವಿಜಯಲಕ್ಷ್ಮಿ ಪುಟ್ಟಿ ಅವರನ್ನು ಆಯ್ಕೆ ಮಾಡಲಾಗಿದ್ದು, ಕನ್ನಡ ಸಾಹಿತ್ಯ ಪರಿಷತ್ ಪದಾಧಿಕಾರಿಗಳು ಅಧಿಕೃತ ಆಹ್ವಾನ ನೀಡಿದರು. ಸಮ್ಮೇಳನವು ಫೆ.11 ರಂದು ನಡೆಯಲಿದೆ. ಡಾ. ಪುಟ್ಟಿ ಅವರು ಹಲವು ಕೃತಿಗಳನ್ನು ರಚಿಸಿದ್ದು, ಸಾಹಿತ್ಯ ಕ್ಷೇತ್ರಕ್ಕೆ ಅಪಾರ ಕೊಡುಗೆ ನೀಡಿದ್ದಾರೆ. ತಾಲೂಕು ಕಸಾಪ ಅಧ್ಯಕ್ಷರು, ಸದಸ್ಯರು ಉಪಸ್ಥಿತರಿದ್ದರು. ಸಮ್ಮೇಳನದಲ್ಲಿ ವಿಚಾರಗೋಷ್ಠಿ, ಕವಿಗೋಷ್ಠಿ, ಸನ್ಮಾನ ಕಾರ್ಯಕ್ರಮಗಳು ನಡೆಯಲಿವೆ. ನಾಡಿನ ಸಾಹಿತಿಗಳು ಭಾಗವಹಿಸಲಿದ್ದಾರೆ.
ದೇವರಪುಷ್ಪರಗಿಯಲ್ಲಿ ಕಾಯಕ ಶರಣರ ಜಯಂತಿ
ದೇವರಪುಷ್ಪರಗಿ: ಗ್ರಾಮದ ಗ್ರಾಮ ಪಂಚಾಯಿತಿ ಕಾರ್ಯಾಲಯದಲ್ಲಿ ಕಾಯಕ ಶರಣರ ಜಯಂತಿಯನ್ನು ಆಚರಿಸಲಾಯಿತು. ಮಾದಾರ ಚೆನ್ನಯ್ಯ, ಡೋಹರ ಕಕ್ಕಯ್ಯ, ಉರಿಲಿಂಗ ಪೆದ್ದಿ, ಸಮಗಾರ ಹರಳಯ್ಯ ಹಾಗೂ ಮಾದರ ಧೂಳಯ್ಯ ಅವರ ಭಾವಚಿತ್ರಕ್ಕೆ ಪುಷ್ಪಾರ್ಚನೆ ಮಾಡಲಾಯಿತು. ಕಾಯಕವೇ ಕೈಲಾಸ ಎಂಬ ತತ್ವವನ್ನು ಶರಣರು ಸಾರಿದರು. ಅವರ ಆದರ್ಶಗಳನ್ನು ಪಾಲಿಸಬೇಕು ಎಂದು ಪಿಡಿಒ ಹೇಳಿದರು. ಗ್ರಾಮ ಪಂಚಾಯಿತಿ ಅಧ್ಯಕ್ಷರು, ಸ
ದೇವರಪುಷ್ಪರಗಿ: ಗ್ರಾಮದ ಗ್ರಾಮ ಪಂಚಾಯಿತಿ ಕಾರ್ಯಾಲಯದಲ್ಲಿ ಕಾಯಕ ಶರಣರ ಜಯಂತಿಯನ್ನು ಆಚರಿಸಲಾಯಿತು. ಮಾದಾರ ಚೆನ್ನಯ್ಯ, ಡೋಹರ ಕಕ್ಕಯ್ಯ, ಉರಿಲಿಂಗ ಪೆದ್ದಿ, ಸಮಗಾರ ಹರಳಯ್ಯ ಹಾಗೂ ಮಾದರ ಧೂಳಯ್ಯ ಅವರ ಭಾವಚಿತ್ರಕ್ಕೆ ಪುಷ್ಪಾರ್ಚನೆ ಮಾಡಲಾಯಿತು. ಕಾಯಕವೇ ಕೈಲಾಸ ಎಂಬ ತತ್ವವನ್ನು ಶರಣರು ಸಾರಿದರು. ಅವರ ಆದರ್ಶಗಳನ್ನು ಪಾಲಿಸಬೇಕು ಎಂದು ಪಿಡಿಒ ಹೇಳಿದರು. ಗ್ರಾಮ ಪಂಚಾಯಿತಿ ಅಧ್ಯಕ್ಷರು,
ದೇವರಪುಷ್ಪರಗಿ: ಗ್ರಾಮದ ಗ್ರಾಮ ಪಂಚಾಯಿತಿ ಕಾರ್ಯಾಲಯದಲ್ಲಿ ಕಾಯಕ ಶರಣರ ಜಯಂತಿಯನ್ನು ಆಚರಿಸಲಾಯಿತು. ಮಾದಾರ ಚೆನ್ನಯ್ಯ, ಡೋಹರ ಕಕ್ಕಯ್ಯ, ಉರಿಲಿಂಗ ಪೆದ್ದಿ, ಸಮಗಾರ ಹರಳಯ್ಯ ಹಾಗೂ ಮಾದರ ಧೂಳಯ್ಯ ಅವರ ಭಾವಚಿತ್ರಕ್ಕೆ ಪುಷ್ಪಾರ್ಚನೆ ಮಾಡಲಾಯಿತು. ಕಾಯಕವೇ ಕೈಲಾಸ ಎಂಬ ತತ್ವವನ್ನು ಶರಣರು ಸಾರಿದರು. ಅವರ ಆದರ್ಶಗಳನ್ನು ಪಾಲಿಸಬೇಕು ಎಂದು ಪಿಡಿಒ ಹೇಳಿದರು. ಗ್ರಾಮ ಪಂಚಾಯಿತಿ ಅಧ್ಯಕ್ಷರು,
